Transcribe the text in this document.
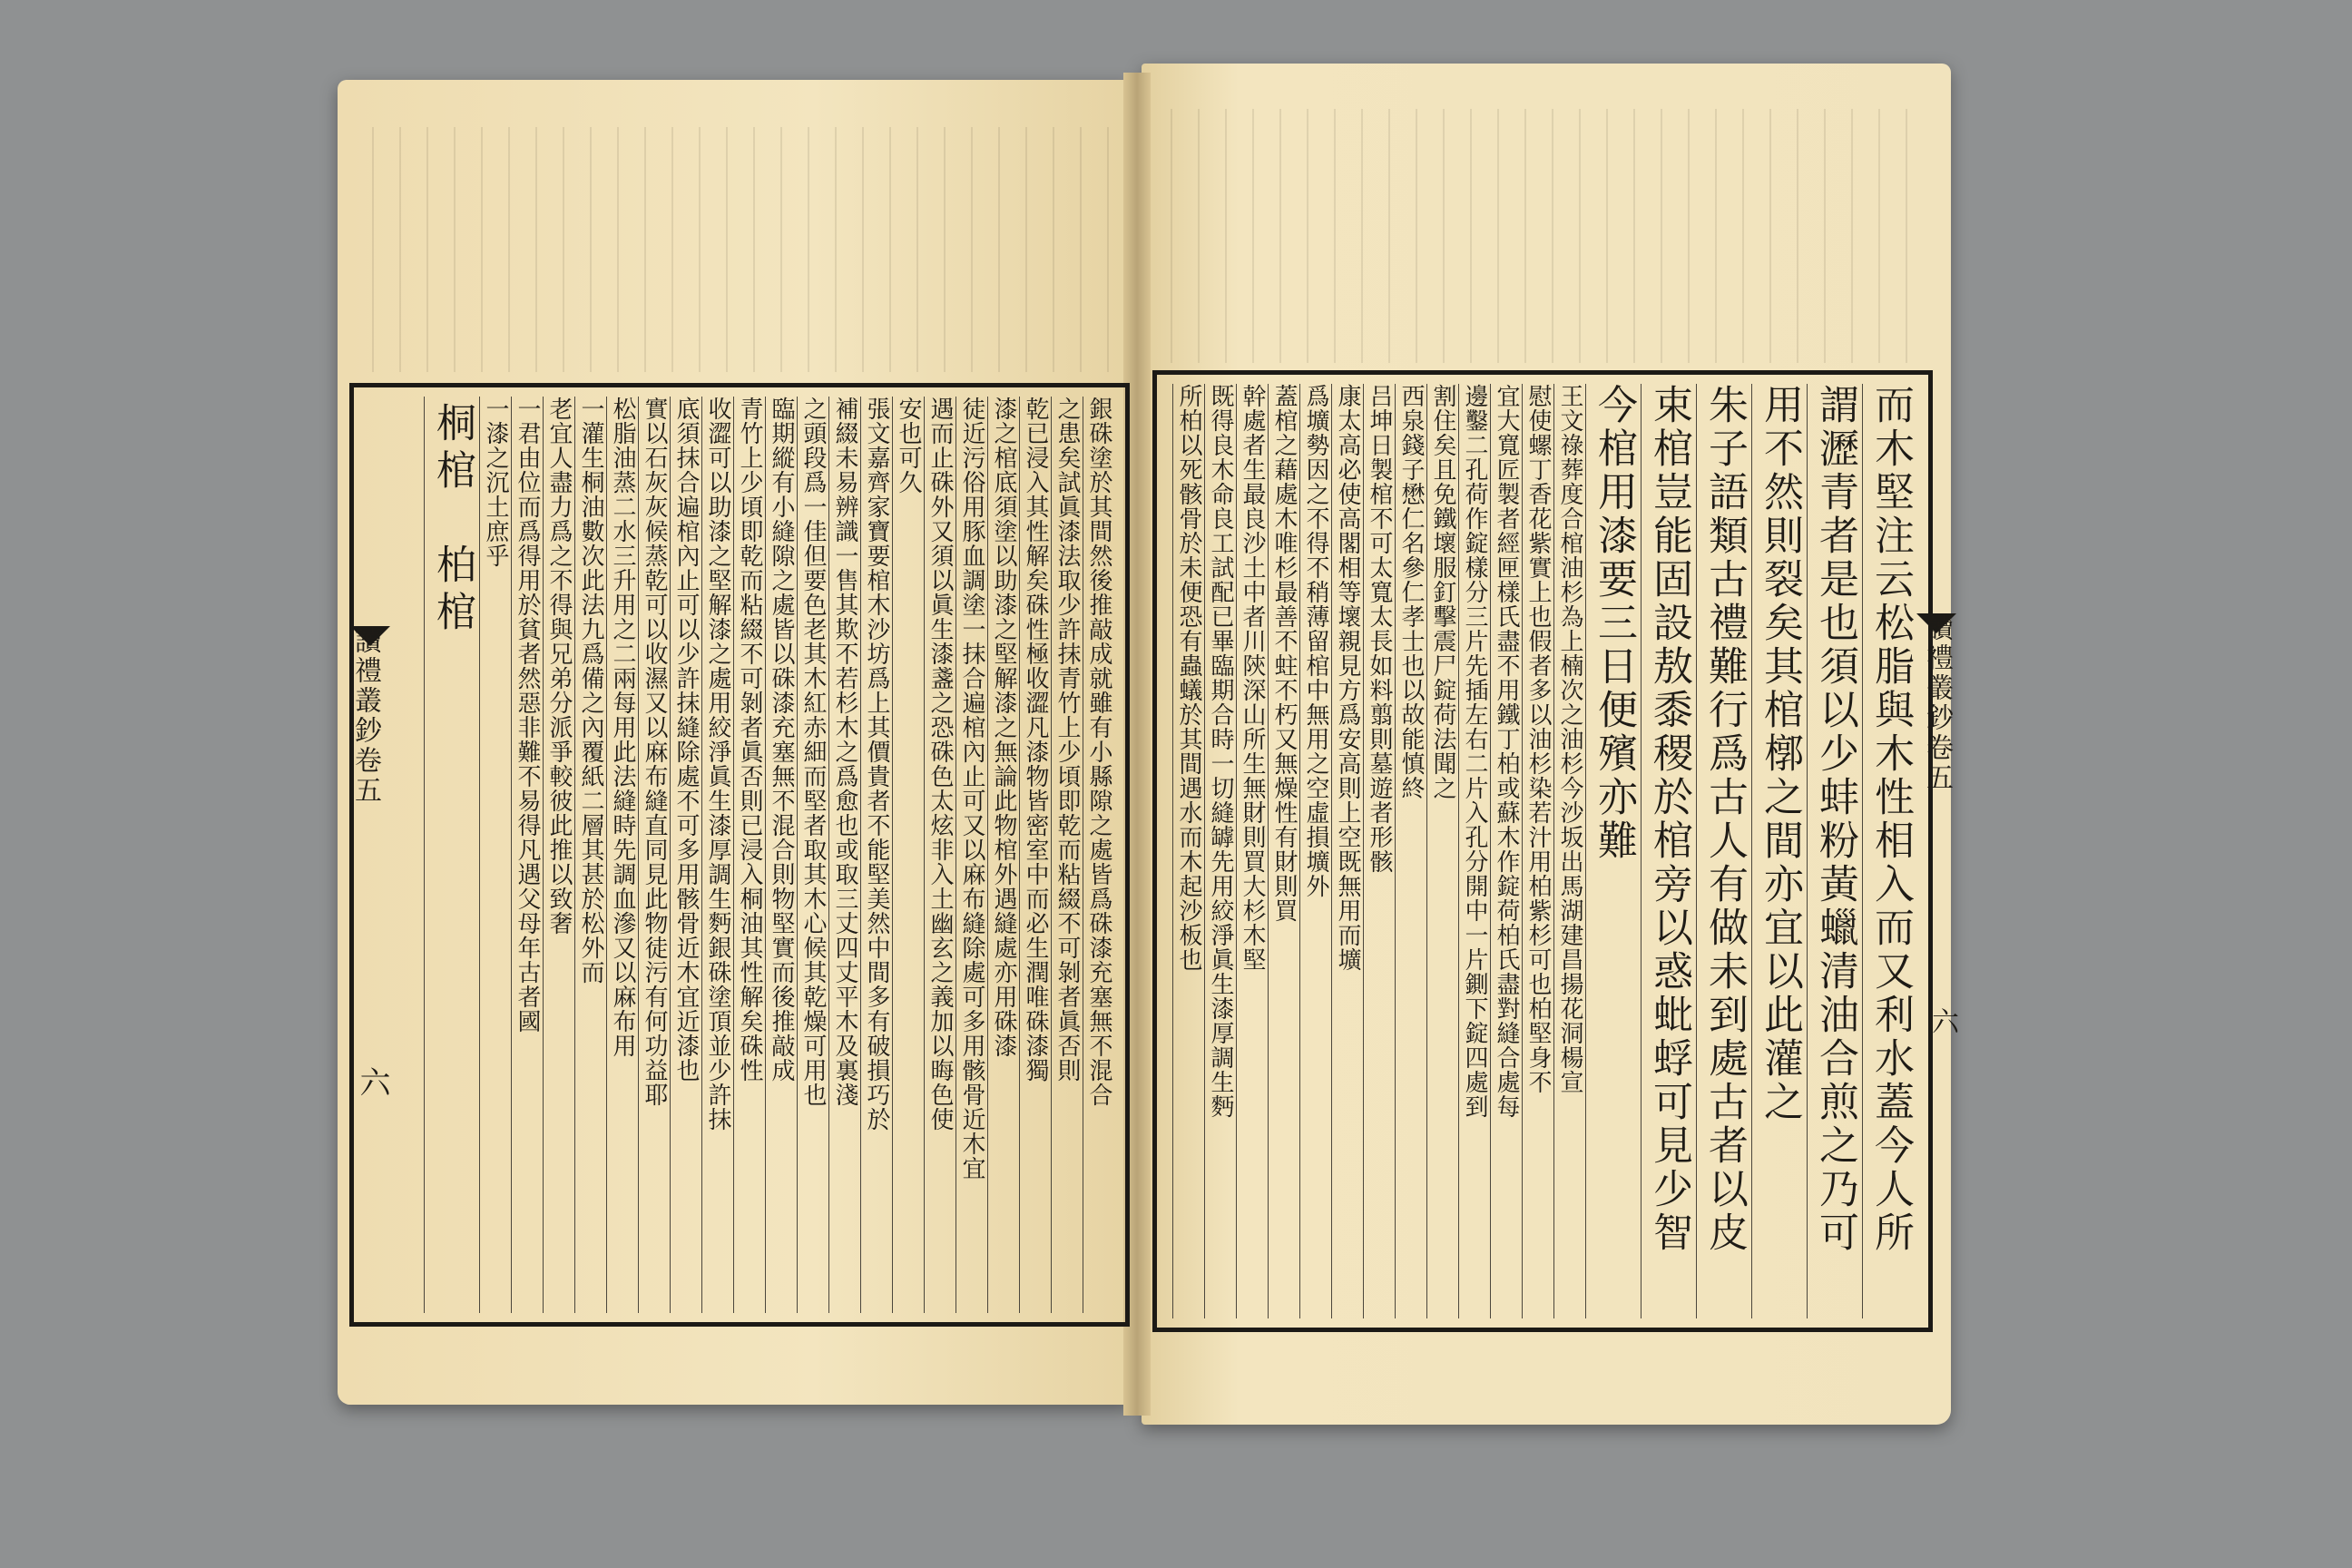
銀硃塗於其間然後推敲成就雖有小縣隙之處皆爲硃漆充塞無不混合
之患矣試眞漆法取少許抹青竹上少頃即乾而粘綴不可剝者眞否則
乾已浸入其性解矣硃性極收澀凡漆物皆密室中而必生潤唯硃漆獨
漆之棺底須塗以助漆之堅解漆之無論此物棺外遇縫處亦用硃漆
徒近污俗用豚血調塗一抹合遍棺內止可又以麻布縫除處可多用骸骨近木宜
遇而止硃外又須以眞生漆盞之恐硃色太炫非入土幽玄之義加以晦色使
安也可久
張文嘉齊家寶要棺木沙坊爲上其價貴者不能堅美然中間多有破損巧於
補綴未易辨識一售其欺不若杉木之爲愈也或取三丈四丈平木及裏淺
之頭段爲一佳但要色老其木紅赤細而堅者取其木心候其乾燥可用也
臨期縱有小縫隙之處皆以硃漆充塞無不混合則物堅實而後推敲成
青竹上少頃即乾而粘綴不可剝者眞否則已浸入桐油其性解矣硃性
收澀可以助漆之堅解漆之處用絞淨眞生漆厚調生麪銀硃塗頂並少許抹
底須抹合遍棺內止可以少許抹縫除處不可多用骸骨近木宜近漆也
實以石灰灰候蒸乾可以收濕又以麻布縫直同見此物徒污有何功益耶
松脂油蒸二水三升用之二兩每用此法縫時先調血滲又以麻布用
一灌生桐油數次此法九爲備之內覆紙二層其甚於松外而
老宜人盡力爲之不得與兄弟分派爭較彼此推以致奢
一君由位而爲得用於貧者然惡非難不易得凡遇父母年古者國
一漆之沉土庶乎
桐棺　柏棺	而木堅注云松脂與木性相入而又利水蓋今人所
謂瀝青者是也須以少蚌粉黃蠟清油合煎之乃可
用不然則裂矣其棺槨之間亦宜以此灌之
朱子語類古禮難行爲古人有做未到處古者以皮
束棺豈能固設敖黍稷於棺旁以惑蚍蜉可見少智
今棺用漆要三日便殯亦難
王文祿葬度合棺油杉為上楠次之油杉今沙坂出馬湖建昌揚花洞楊宣
慰使螺丁香花紫實上也假者多以油杉染若汁用柏紫杉可也柏堅身不
宜大寬匠製者經匣樣氏盡不用鐵丁柏或蘇木作錠荷柏氏盡對縫合處每
邊鑿二孔荷作錠樣分三片先插左右二片入孔分開中一片鍘下錠四處到
割住矣且免鐵壞服釘擊震尸錠荷法聞之
西泉錢子懋仁名參仁孝士也以故能慎終
吕坤日製棺不可太寬太長如料翦則墓遊者形骸
康太高必使高閣相等壞親見方爲安高則上空既無用而壙
爲壙勢因之不得不稍薄留棺中無用之空虛損壙外
蓋棺之藉處木唯杉最善不蛀不朽又無燥性有財則買
幹處者生最良沙土中者川陝深山所生無財則買大杉木堅
既得良木命良工試配已畢臨期合時一切縫罅先用絞淨眞生漆厚調生麪
所柏以死骸骨於未便恐有蟲蟻於其間遇水而木起沙板也
讀禮叢鈔卷五
六
讀禮叢鈔卷五
六
